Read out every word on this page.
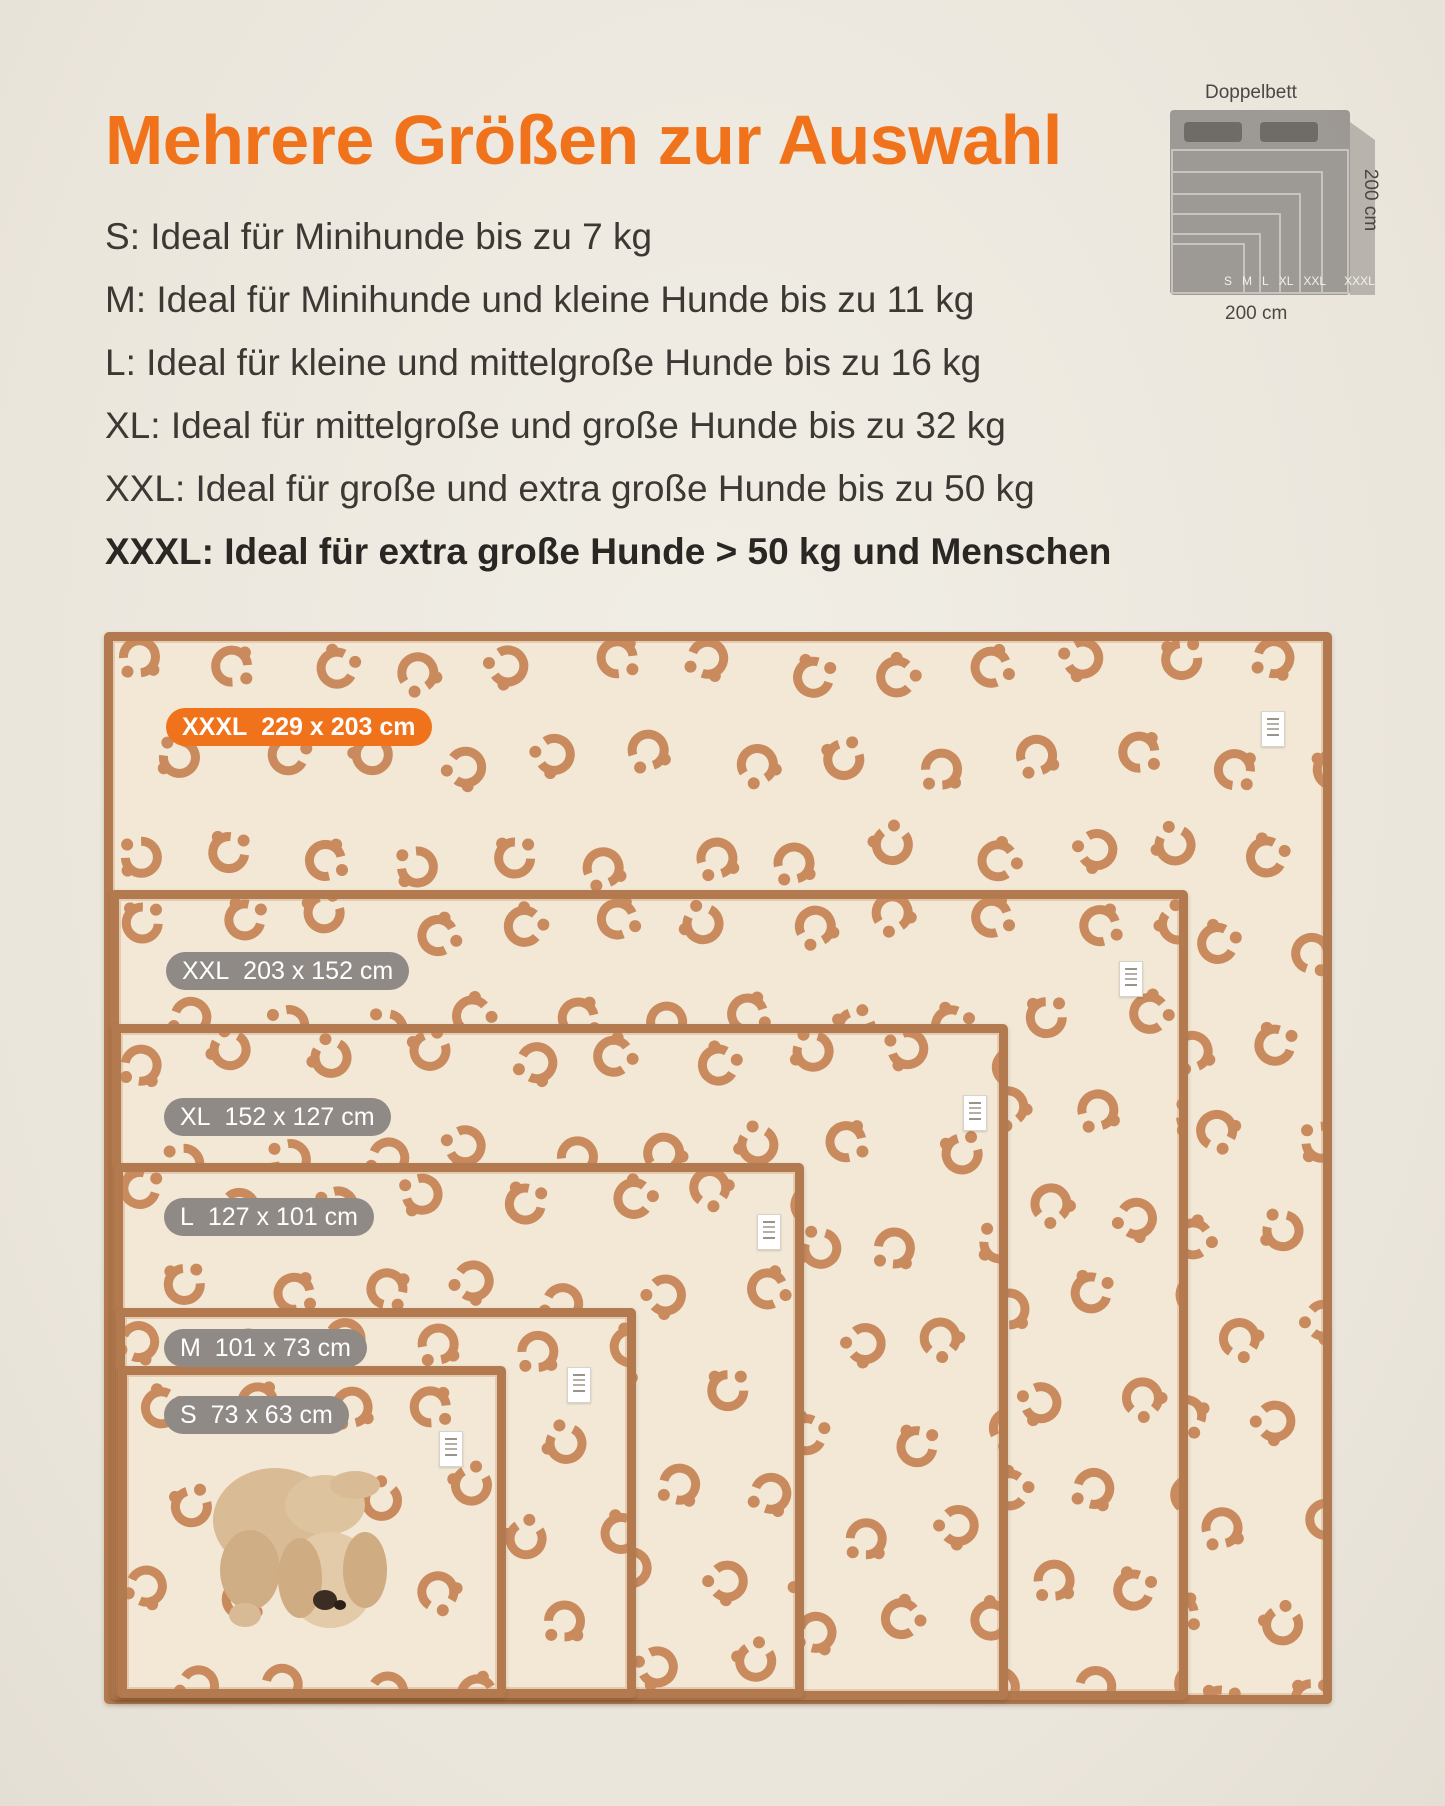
Mehrere Größen zur Auswahl
S: Ideal für Minihunde bis zu 7 kg
M: Ideal für Minihunde und kleine Hunde bis zu 11 kg
L: Ideal für kleine und mittelgroße Hunde bis zu 16 kg
XL: Ideal für mittelgroße und große Hunde bis zu 32 kg
XXL: Ideal für große und extra große Hunde bis zu 50 kg
XXXL: Ideal für extra große Hunde > 50 kg und Menschen
Doppelbett
S M L XL XXL XXXL
200 cm
200 cm
XXXL 229 x 203 cm
XXL 203 x 152 cm
XL 152 x 127 cm
L 127 x 101 cm
M 101 x 73 cm
S 73 x 63 cm
